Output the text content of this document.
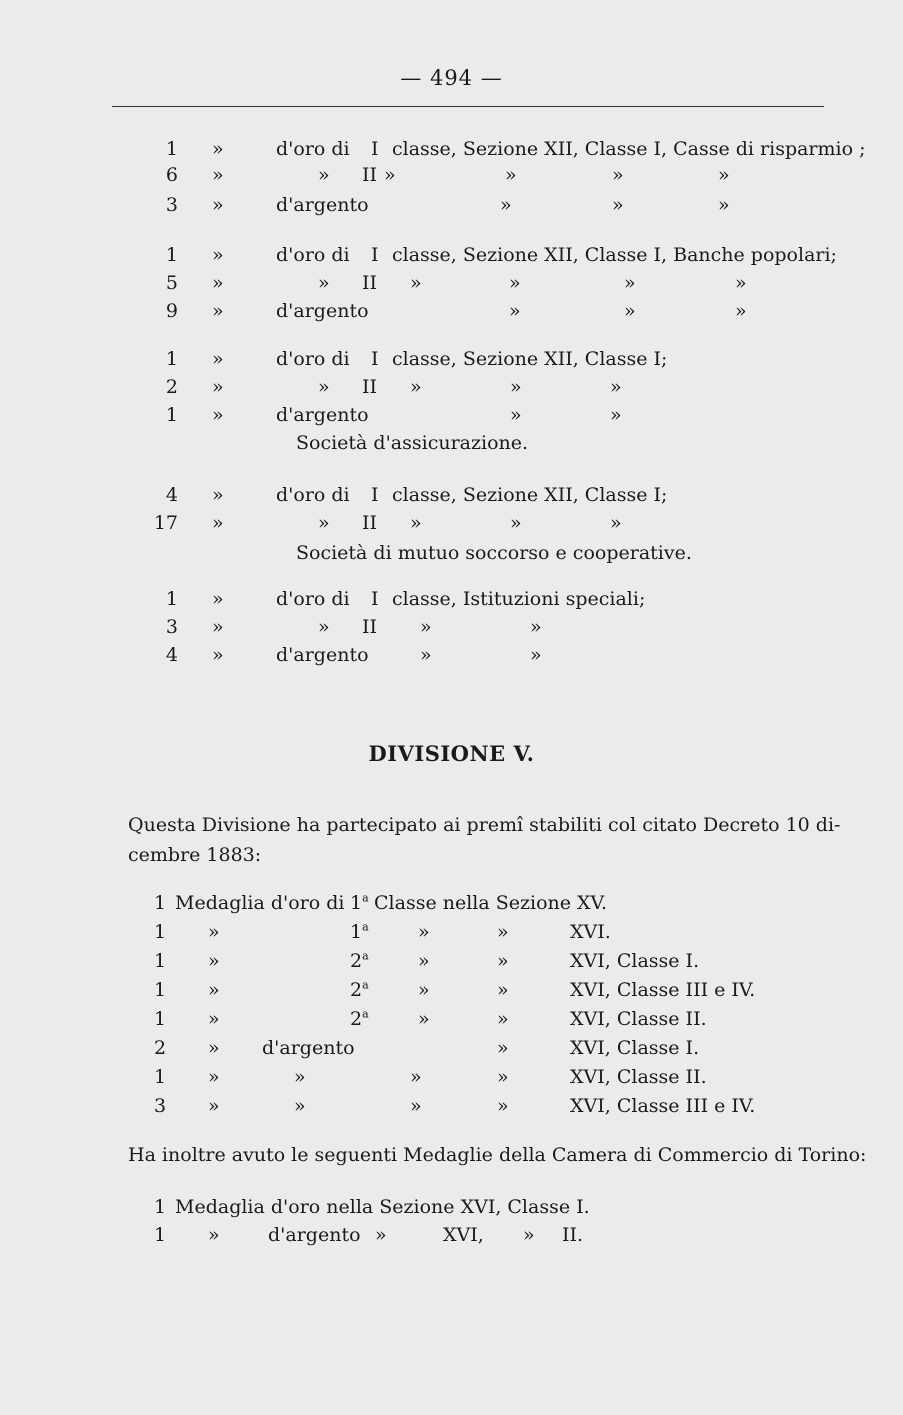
— 494 —
1 »	d'oro di I classe, Sezione XII, Classe I, Casse di risparmio ;
6 »	» II »	»	»	»
3 »	d'argento	»	»	»
1 »	d'oro di I classe, Sezione XII, Classe I, Banche popolari;
5 »	» II »	»	»	»
9 »	d'argento	»	»	»
1 »	d'oro di I classe, Sezione XII, Classe I;
2 »	» II »	»	»
1 »	d'argento	»	»
Società d'assicurazione.
4 »	d'oro di I classe, Sezione XII, Classe I;
17 »	» II »	»	»
Società di mutuo soccorso e cooperative.
1 »	d'oro di I classe, Istituzioni speciali;
3 »	» II »	»
4 »	d'argento	»	»
DIVISIONE V.
Questa Divisione ha partecipato ai premî stabiliti col citato Decreto 10 di-
cembre 1883:
1 Medaglia d'oro di 1$^a$ Classe nella Sezione XV.
1 »	1$^a$	»	»	XVI.
1 »	2$^a$	»	»	XVI, Classe I.
1 »	2$^a$	»	»	XVI, Classe III e IV.
1 »	2$^a$	»	»	XVI, Classe II.
2 » d'argento	»	XVI, Classe I.
1 »	»	»	»	XVI, Classe II.
3 »	»	»	»	XVI, Classe III e IV.
Ha inoltre avuto le seguenti Medaglie della Camera di Commercio di Torino:
1 Medaglia d'oro nella Sezione XVI, Classe I.
1 »	d'argento »	XVI, » II.
